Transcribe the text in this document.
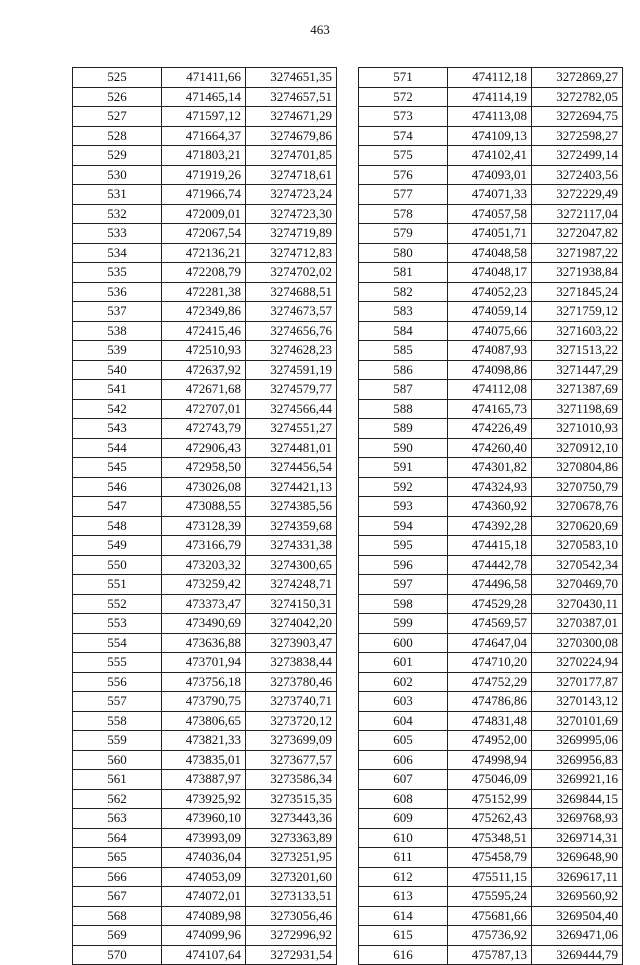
463
525	471411,66	3274651,35
526	471465,14	3274657,51
527	471597,12	3274671,29
528	471664,37	3274679,86
529	471803,21	3274701,85
530	471919,26	3274718,61
531	471966,74	3274723,24
532	472009,01	3274723,30
533	472067,54	3274719,89
534	472136,21	3274712,83
535	472208,79	3274702,02
536	472281,38	3274688,51
537	472349,86	3274673,57
538	472415,46	3274656,76
539	472510,93	3274628,23
540	472637,92	3274591,19
541	472671,68	3274579,77
542	472707,01	3274566,44
543	472743,79	3274551,27
544	472906,43	3274481,01
545	472958,50	3274456,54
546	473026,08	3274421,13
547	473088,55	3274385,56
548	473128,39	3274359,68
549	473166,79	3274331,38
550	473203,32	3274300,65
551	473259,42	3274248,71
552	473373,47	3274150,31
553	473490,69	3274042,20
554	473636,88	3273903,47
555	473701,94	3273838,44
556	473756,18	3273780,46
557	473790,75	3273740,71
558	473806,65	3273720,12
559	473821,33	3273699,09
560	473835,01	3273677,57
561	473887,97	3273586,34
562	473925,92	3273515,35
563	473960,10	3273443,36
564	473993,09	3273363,89
565	474036,04	3273251,95
566	474053,09	3273201,60
567	474072,01	3273133,51
568	474089,98	3273056,46
569	474099,96	3272996,92
570	474107,64	3272931,54
571	474112,18	3272869,27
572	474114,19	3272782,05
573	474113,08	3272694,75
574	474109,13	3272598,27
575	474102,41	3272499,14
576	474093,01	3272403,56
577	474071,33	3272229,49
578	474057,58	3272117,04
579	474051,71	3272047,82
580	474048,58	3271987,22
581	474048,17	3271938,84
582	474052,23	3271845,24
583	474059,14	3271759,12
584	474075,66	3271603,22
585	474087,93	3271513,22
586	474098,86	3271447,29
587	474112,08	3271387,69
588	474165,73	3271198,69
589	474226,49	3271010,93
590	474260,40	3270912,10
591	474301,82	3270804,86
592	474324,93	3270750,79
593	474360,92	3270678,76
594	474392,28	3270620,69
595	474415,18	3270583,10
596	474442,78	3270542,34
597	474496,58	3270469,70
598	474529,28	3270430,11
599	474569,57	3270387,01
600	474647,04	3270300,08
601	474710,20	3270224,94
602	474752,29	3270177,87
603	474786,86	3270143,12
604	474831,48	3270101,69
605	474952,00	3269995,06
606	474998,94	3269956,83
607	475046,09	3269921,16
608	475152,99	3269844,15
609	475262,43	3269768,93
610	475348,51	3269714,31
611	475458,79	3269648,90
612	475511,15	3269617,11
613	475595,24	3269560,92
614	475681,66	3269504,40
615	475736,92	3269471,06
616	475787,13	3269444,79
